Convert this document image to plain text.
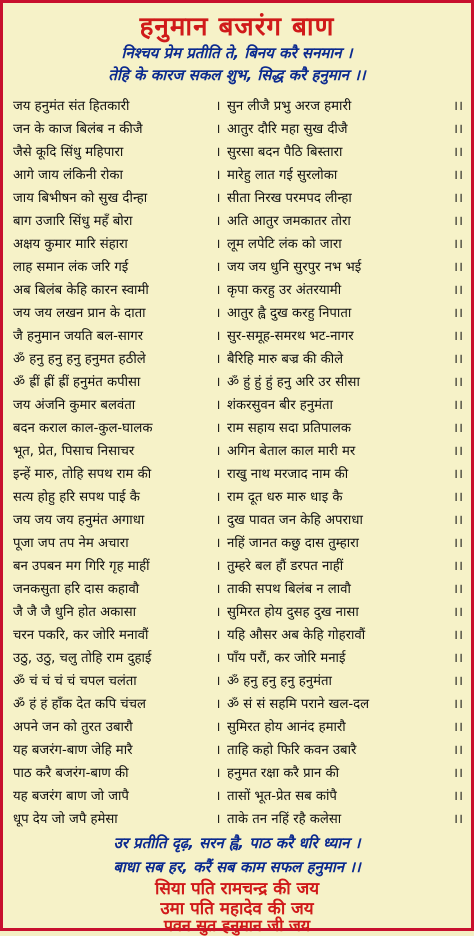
हनुमान बजरंग बाण
निश्चय प्रेम प्रतीति ते, बिनय करै सनमान ।
तेहि के कारज सकल शुभ, सिद्ध करै हनुमान ।।
जय हनुमंत संत हितकारी	। सुन लीजै प्रभु अरज हमारी	।।
जन के काज बिलंब न कीजै	। आतुर दौरि महा सुख दीजै	।।
जैसे कूदि सिंधु महिपारा	। सुरसा बदन पैठि बिस्तारा	।।
आगे जाय लंकिनी रोका	। मारेहु लात गई सुरलोका	।।
जाय बिभीषन को सुख दीन्हा	। सीता निरख परमपद लीन्हा	।।
बाग उजारि सिंधु महँ बोरा	। अति आतुर जमकातर तोरा	।।
अक्षय कुमार मारि संहारा	। लूम लपेटि लंक को जारा	।।
लाह समान लंक जरि गई	। जय जय धुनि सुरपुर नभ भई	।।
अब बिलंब केहि कारन स्वामी	। कृपा करहु उर अंतरयामी	।।
जय जय लखन प्रान के दाता	। आतुर ह्वै दुख करहु निपाता	।।
जै हनुमान जयति बल-सागर	। सुर-समूह-समरथ भट-नागर	।।
ॐ हनु हनु हनु हनुमत हठीले	। बैरिहि मारु बज्र की कीले	।।
ॐ ह्रीं ह्रीं ह्रीं हनुमंत कपीसा	। ॐ हुं हुं हुं हनु अरि उर सीसा	।।
जय अंजनि कुमार बलवंता	। शंकरसुवन बीर हनुमंता	।।
बदन कराल काल-कुल-घालक	। राम सहाय सदा प्रतिपालक	।।
भूत, प्रेत, पिसाच निसाचर	। अगिन बेताल काल मारी मर	।।
इन्हें मारु, तोहि सपथ राम की	। राखु नाथ मरजाद नाम की	।।
सत्य होहु हरि सपथ पाई कै	। राम दूत धरु मारु धाइ कै	।।
जय जय जय हनुमंत अगाधा	। दुख पावत जन केहि अपराधा	।।
पूजा जप तप नेम अचारा	। नहिं जानत कछु दास तुम्हारा	।।
बन उपबन मग गिरि गृह माहीं	। तुम्हरे बल हौं डरपत नाहीं	।।
जनकसुता हरि दास कहावौ	। ताकी सपथ बिलंब न लावौ	।।
जै जै जै धुनि होत अकासा	। सुमिरत होय दुसह दुख नासा	।।
चरन पकरि, कर जोरि मनावौं	। यहि औसर अब केहि गोहरावौं	।।
उठु, उठु, चलु तोहि राम दुहाई	। पाँय परौं, कर जोरि मनाई	।।
ॐ चं चं चं चं चपल चलंता	। ॐ हनु हनु हनु हनुमंता	।।
ॐ हं हं हाँक देत कपि चंचल	। ॐ सं सं सहमि पराने खल-दल	।।
अपने जन को तुरत उबारौ	। सुमिरत होय आनंद हमारौ	।।
यह बजरंग-बाण जेहि मारै	। ताहि कहो फिरि कवन उबारै	।।
पाठ करै बजरंग-बाण की	। हनुमत रक्षा करै प्रान की	।।
यह बजरंग बाण जो जापै	। तासों भूत-प्रेत सब कांपै	।।
धूप देय जो जपै हमेसा	। ताके तन नहिं रहै कलेसा	।।
उर प्रतीति दृढ़, सरन ह्वै, पाठ करै धरि ध्यान ।
बाधा सब हर, करैं सब काम सफल हनुमान ।।
सिया पति रामचन्द्र की जय
उमा पति महादेव की जय
पवन सुत हनुमान जी जय
